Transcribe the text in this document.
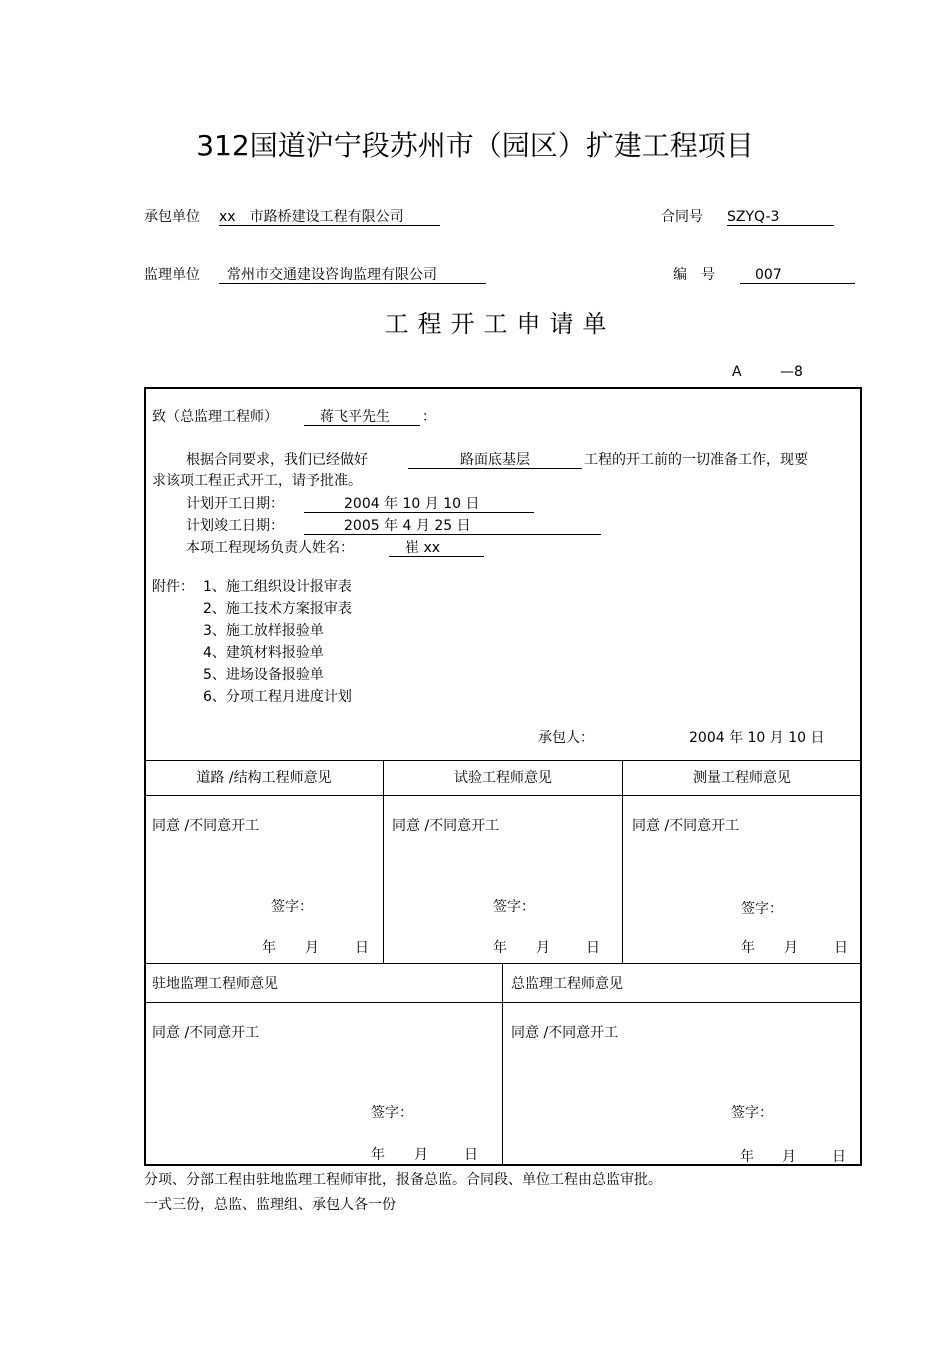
312国道沪宁段苏州市（园区）扩建工程项目
承包单位 xx　市路桥建设工程有限公司	合同号 SZYQ-3
监理单位	常州市交通建设咨询监理有限公司	编　号	007
工程开工申请单
A	—8
致（总监理工程师）	蒋飞平先生	：
根据合同要求，我们已经做好	路面底基层	工程的开工前的一切准备工作，现要
求该项工程正式开工，请予批准。
计划开工日期：	2004 年 10 月 10 日
计划竣工日期：	2005 年 4 月 25 日
本项工程现场负责人姓名：	崔 xx
附件： 1、施工组织设计报审表
2、施工技术方案报审表
3、施工放样报验单
4、建筑材料报验单
5、进场设备报验单
6、分项工程月进度计划
承包人：	2004 年 10 月 10 日
道路 /结构工程师意见	试验工程师意见	测量工程师意见
同意 /不同意开工	同意 /不同意开工	同意 /不同意开工
签字：	签字：	签字：
年 月	日	年 月	日	年 月	日
驻地监理工程师意见	总监理工程师意见
同意 /不同意开工	同意 /不同意开工
签字：	签字：
年 月	日	年 月	日
分项、分部工程由驻地监理工程师审批，报备总监。合同段、单位工程由总监审批。
一式三份，总监、监理组、承包人各一份
